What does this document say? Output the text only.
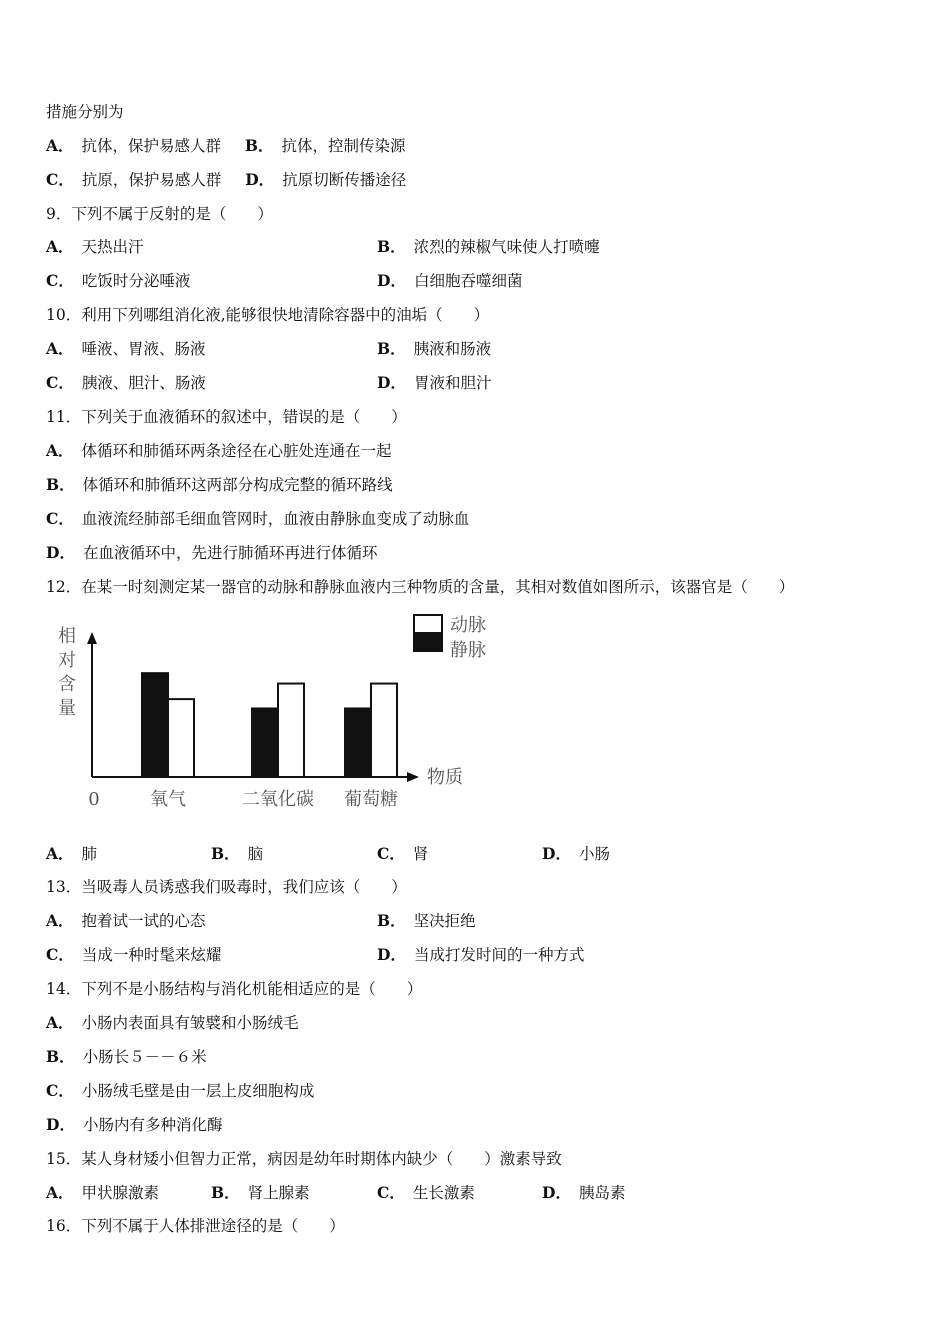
措施分别为
A． 抗体，保护易感人群 B． 抗体，控制传染源
C． 抗原，保护易感人群 D． 抗原切断传播途径
9．下列不属于反射的是（　　）
A． 天热出汗	B． 浓烈的辣椒气味使人打喷嚏
C． 吃饭时分泌唾液	D． 白细胞吞噬细菌
10．利用下列哪组消化液,能够很快地清除容器中的油垢（　　）
A． 唾液、胃液、肠液	B． 胰液和肠液
C． 胰液、胆汁、肠液	D． 胃液和胆汁
11．下列关于血液循环的叙述中，错误的是（　　）
A． 体循环和肺循环两条途径在心脏处连通在一起
B． 体循环和肺循环这两部分构成完整的循环路线
C． 血液流经肺部毛细血管网时，血液由静脉血变成了动脉血
D． 在血液循环中，先进行肺循环再进行体循环
12．在某一时刻测定某一器官的动脉和静脉血液内三种物质的含量，其相对数值如图所示，该器官是（　　）
相
对
含
量
物质
0	氧气	二氧化碳 葡萄糖
动脉
静脉
A． 肺	B． 脑	C． 肾	D． 小肠
13．当吸毒人员诱惑我们吸毒时，我们应该（　　）
A． 抱着试一试的心态	B． 坚决拒绝
C． 当成一种时髦来炫耀	D． 当成打发时间的一种方式
14．下列不是小肠结构与消化机能相适应的是（　　）
A． 小肠内表面具有皱襞和小肠绒毛
B． 小肠长５－－６米
C． 小肠绒毛壁是由一层上皮细胞构成
D． 小肠内有多种消化酶
15．某人身材矮小但智力正常，病因是幼年时期体内缺少（　　）激素导致
A． 甲状腺激素	B． 肾上腺素	C． 生长激素	D． 胰岛素
16．下列不属于人体排泄途径的是（　　）
